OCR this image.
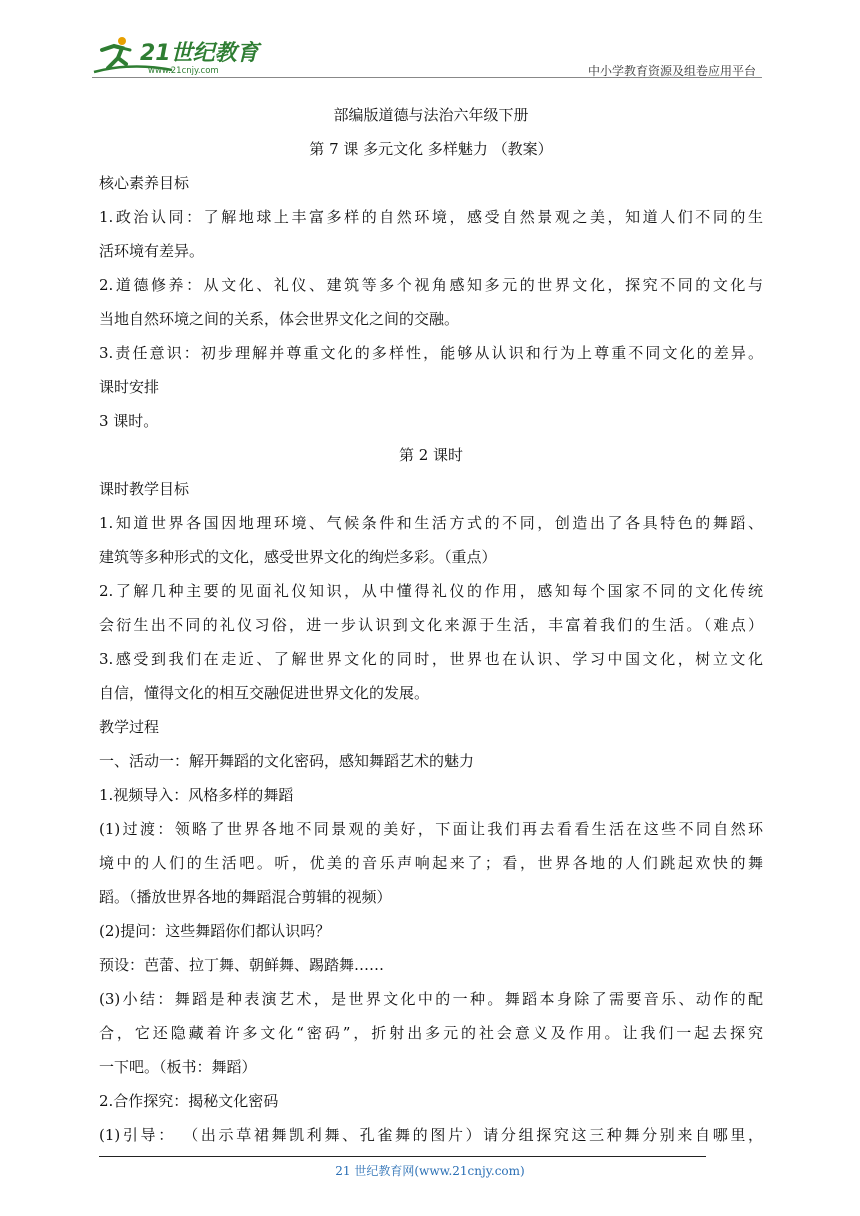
21世纪教育
www.21cnjy.com	中小学教育资源及组卷应用平台
部编版道德与法治六年级下册
第 7 课 多元文化 多样魅力 （教案）
核心素养目标
1.政治认同：了解地球上丰富多样的自然环境，感受自然景观之美，知道人们不同的生
活环境有差异。
2.道德修养：从文化、礼仪、建筑等多个视角感知多元的世界文化，探究不同的文化与
当地自然环境之间的关系，体会世界文化之间的交融。
3.责任意识：初步理解并尊重文化的多样性，能够从认识和行为上尊重不同文化的差异。
课时安排
3 课时。
第 2 课时
课时教学目标
1.知道世界各国因地理环境、气候条件和生活方式的不同，创造出了各具特色的舞蹈、
建筑等多种形式的文化，感受世界文化的绚烂多彩。（重点）
2.了解几种主要的见面礼仪知识，从中懂得礼仪的作用，感知每个国家不同的文化传统
会衍生出不同的礼仪习俗，进一步认识到文化来源于生活，丰富着我们的生活。（难点）
3.感受到我们在走近、了解世界文化的同时，世界也在认识、学习中国文化，树立文化
自信，懂得文化的相互交融促进世界文化的发展。
教学过程
一、活动一：解开舞蹈的文化密码，感知舞蹈艺术的魅力
1.视频导入：风格多样的舞蹈
(1)过渡：领略了世界各地不同景观的美好，下面让我们再去看看生活在这些不同自然环
境中的人们的生活吧。听，优美的音乐声响起来了；看，世界各地的人们跳起欢快的舞
蹈。（播放世界各地的舞蹈混合剪辑的视频）
(2)提问：这些舞蹈你们都认识吗？
预设：芭蕾、拉丁舞、朝鲜舞、踢踏舞……
(3)小结：舞蹈是种表演艺术，是世界文化中的一种。舞蹈本身除了需要音乐、动作的配
合，它还隐藏着许多文化“密码”，折射出多元的社会意义及作用。让我们一起去探究
一下吧。（板书：舞蹈）
2.合作探究：揭秘文化密码
(1)引导： （出示草裙舞凯利舞、孔雀舞的图片）请分组探究这三种舞分别来自哪里，
21 世纪教育网(www.21cnjy.com)
